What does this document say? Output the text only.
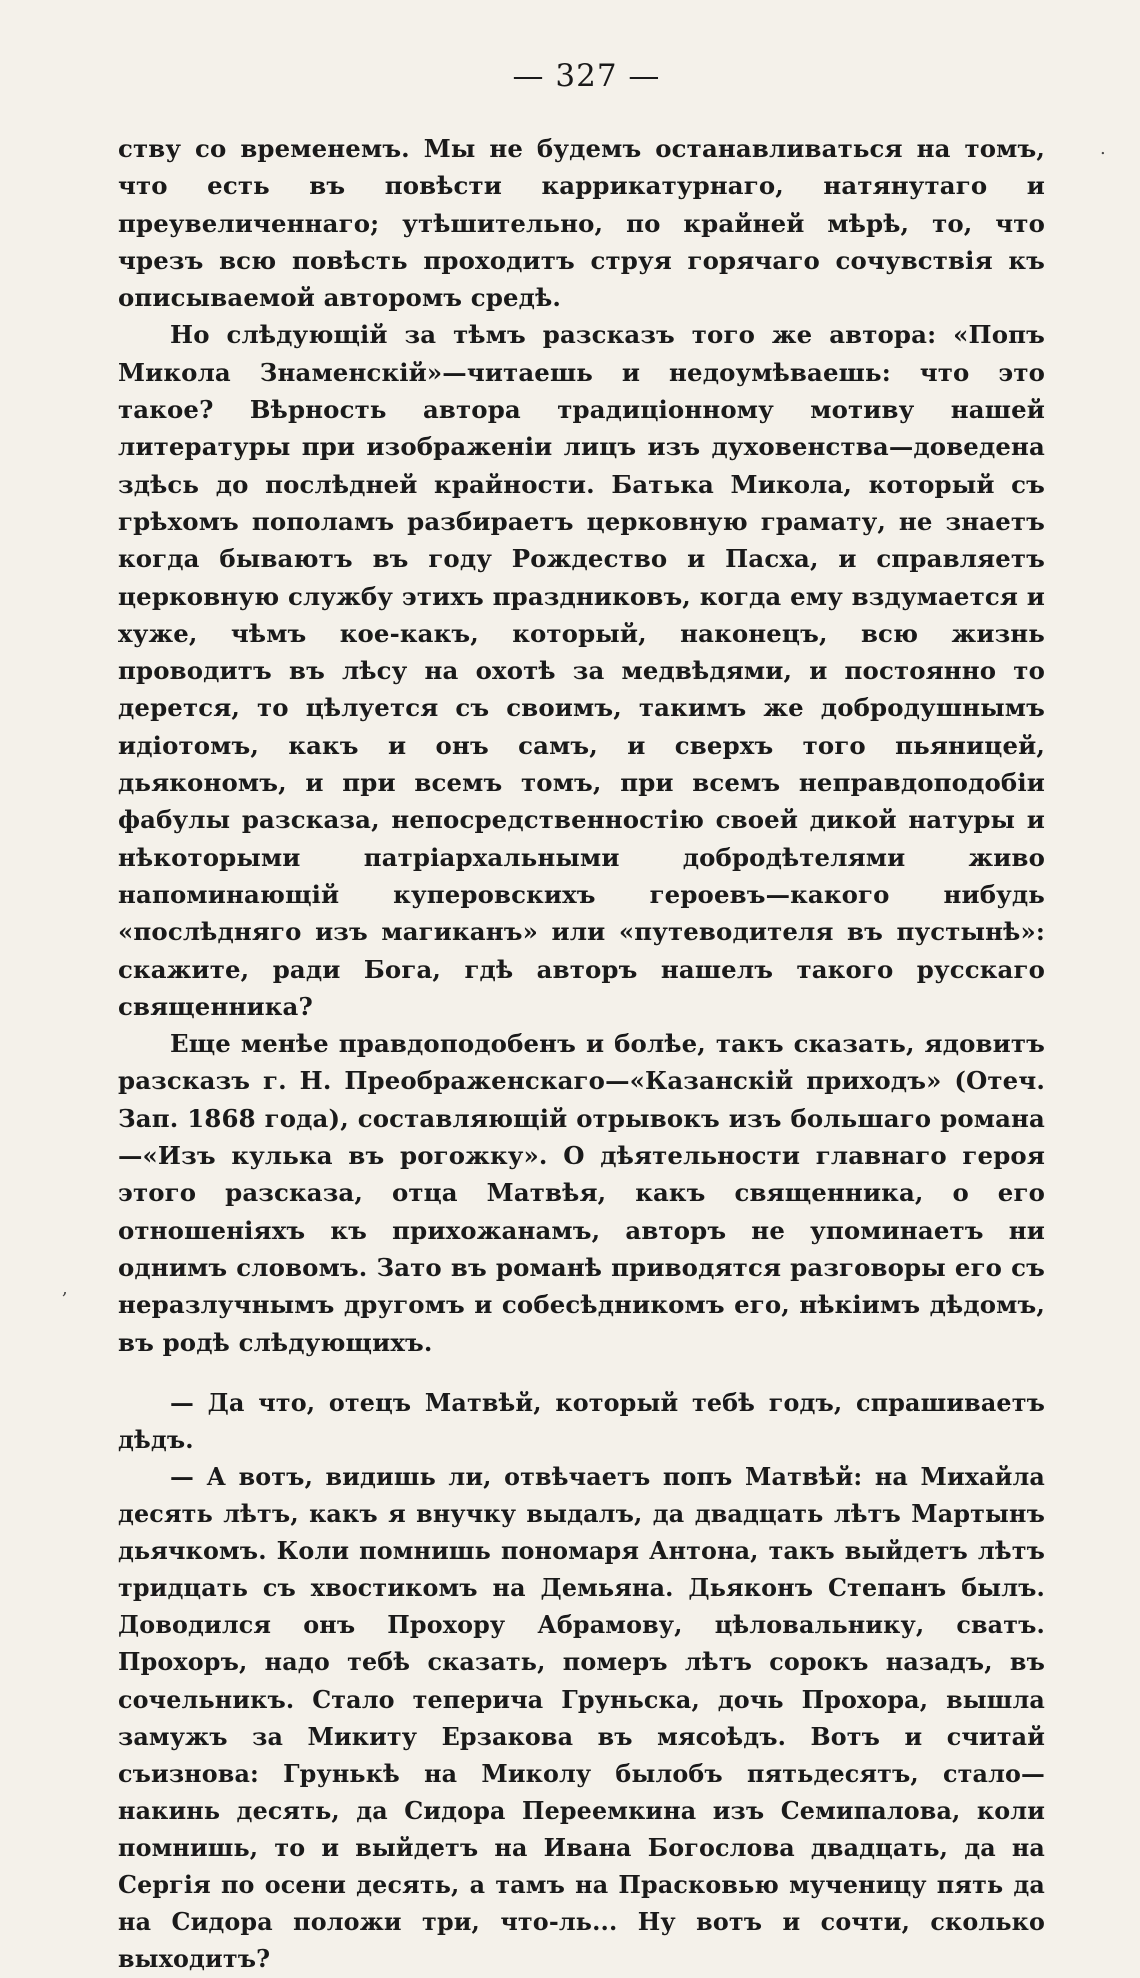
— 327 —

ству со временемъ. Мы не будемъ останавливаться на томъ, что есть въ повѣсти каррикатурнаго, натянутаго и преувеличеннаго; утѣшительно, по крайней мѣрѣ, то, что чрезъ всю повѣсть проходитъ струя горячаго сочувствія къ описываемой авторомъ средѣ.

Но слѣдующій за тѣмъ разсказъ того же автора: «Попъ Микола Знаменскій»—читаешь и недоумѣваешь: что это такое? Вѣрность автора традиціонному мотиву нашей литературы при изображеніи лицъ изъ духовенства—доведена здѣсь до послѣдней крайности. Батька Микола, который съ грѣхомъ пополамъ разбираетъ церковную грамату, не знаетъ когда бываютъ въ году Рождество и Пасха, и справляетъ церковную службу этихъ праздниковъ, когда ему вздумается и хуже, чѣмъ кое-какъ, который, наконецъ, всю жизнь проводитъ въ лѣсу на охотѣ за медвѣдями, и постоянно то дерется, то цѣлуется съ своимъ, такимъ же добродушнымъ идіотомъ, какъ и онъ самъ, и сверхъ того пьяницей, дьякономъ, и при всемъ томъ, при всемъ неправдоподобіи фабулы разсказа, непосредственностію своей дикой натуры и нѣкоторыми патріархальными добродѣтелями живо напоминающій куперовскихъ героевъ—какого нибудь «послѣдняго изъ магиканъ» или «путеводителя въ пустынѣ»: скажите, ради Бога, гдѣ авторъ нашелъ такого русскаго священника?

Еще менѣе правдоподобенъ и болѣе, такъ сказать, ядовитъ разсказъ г. Н. Преображенскаго—«Казанскій приходъ» (Отеч. Зап. 1868 года), составляющій отрывокъ изъ большаго романа—«Изъ кулька въ рогожку». О дѣятельности главнаго героя этого разсказа, отца Матвѣя, какъ священника, о его отношеніяхъ къ прихожанамъ, авторъ не упоминаетъ ни однимъ словомъ. Зато въ романѣ приводятся разговоры его съ неразлучнымъ другомъ и собесѣдникомъ его, нѣкіимъ дѣдомъ, въ родѣ слѣдующихъ.

— Да что, отецъ Матвѣй, который тебѣ годъ, спрашиваетъ дѣдъ.

— А вотъ, видишь ли, отвѣчаетъ попъ Матвѣй: на Михайла десять лѣтъ, какъ я внучку выдалъ, да двадцать лѣтъ Мартынъ дьячкомъ. Коли помнишь пономаря Антона, такъ выйдетъ лѣтъ тридцать съ хвостикомъ на Демьяна. Дьяконъ Степанъ былъ. Доводился онъ Прохору Абрамову, цѣловальнику, сватъ. Прохоръ, надо тебѣ сказать, померъ лѣтъ сорокъ назадъ, въ сочельникъ. Стало теперича Груньска, дочь Прохора, вышла замужъ за Микиту Ерзакова въ мясоѣдъ. Вотъ и считай съизнова: Грунькѣ на Миколу былобъ пятьдесятъ, стало—накинь десять, да Сидора Переемкина изъ Семипалова, коли помнишь, то и выйдетъ на Ивана Богослова двадцать, да на Сергія по осени десять, а тамъ на Прасковью мученицу пять да на Сидора положи три, что-ль... Ну вотъ и сочти, сколько выходитъ?

.
,
